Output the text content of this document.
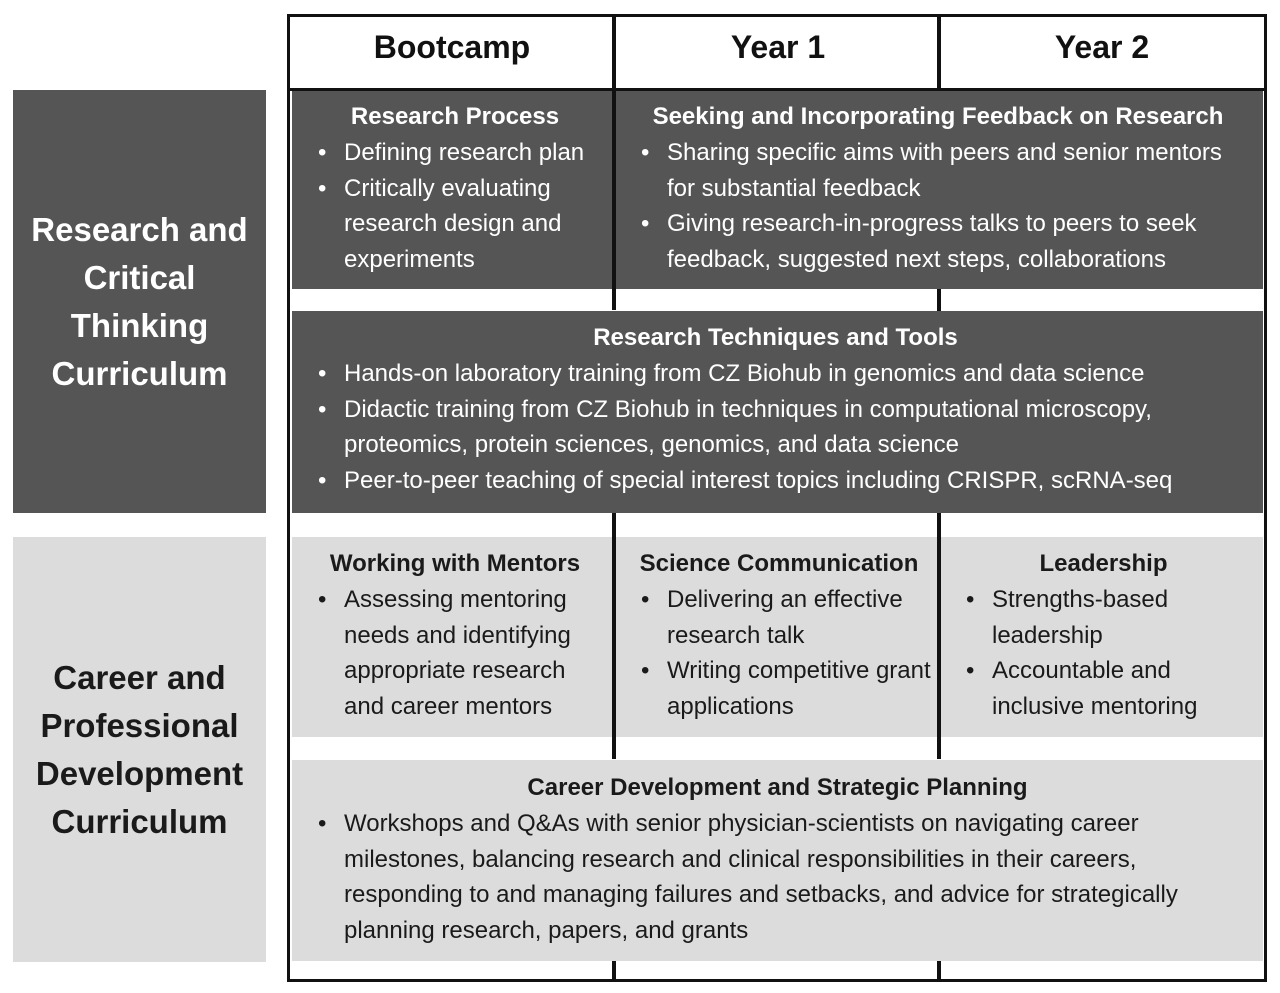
Research and Critical Thinking Curriculum
Career and Professional Development Curriculum
Bootcamp	Year 1	Year 2
Research Process
• Defining research plan
• Critically evaluating research design and experiments
Seeking and Incorporating Feedback on Research
• Sharing specific aims with peers and senior mentors for substantial feedback
• Giving research-in-progress talks to peers to seek feedback, suggested next steps, collaborations
Research Techniques and Tools
• Hands-on laboratory training from CZ Biohub in genomics and data science
• Didactic training from CZ Biohub in techniques in computational microscopy, proteomics, protein sciences, genomics, and data science
• Peer-to-peer teaching of special interest topics including CRISPR, scRNA-seq
Working with Mentors
• Assessing mentoring needs and identifying appropriate research and career mentors
Science Communication
• Delivering an effective research talk
• Writing competitive grant applications
Leadership
• Strengths-based leadership
• Accountable and inclusive mentoring
Career Development and Strategic Planning
• Workshops and Q&As with senior physician-scientists on navigating career milestones, balancing research and clinical responsibilities in their careers, responding to and managing failures and setbacks, and advice for strategically planning research, papers, and grants
